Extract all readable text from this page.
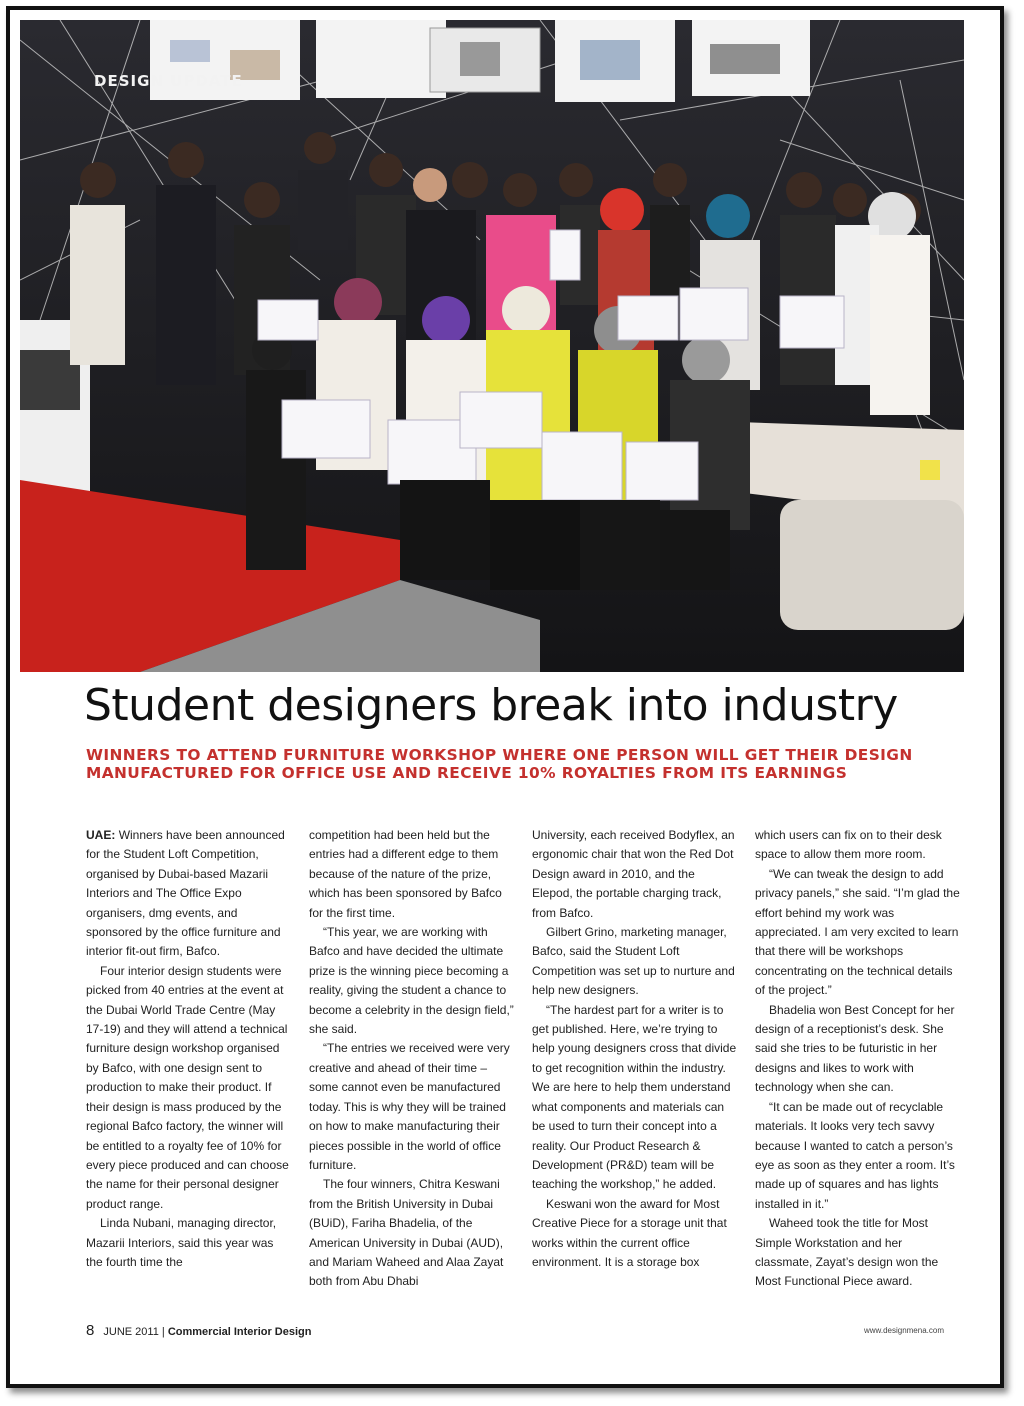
DESIGN UPDATE
Student designers break into industry
WINNERS TO ATTEND FURNITURE WORKSHOP WHERE ONE PERSON WILL GET THEIR DESIGN MANUFACTURED FOR OFFICE USE AND RECEIVE 10% ROYALTIES FROM ITS EARNINGS

UAE: Winners have been announced for the Student Loft Competition, organised by Dubai-based Mazarii Interiors and The Office Expo organisers, dmg events, and sponsored by the office furniture and interior fit-out firm, Bafco.

Four interior design students were picked from 40 entries at the event at the Dubai World Trade Centre (May 17-19) and they will attend a technical furniture design workshop organised by Bafco, with one design sent to production to make their product. If their design is mass produced by the regional Bafco factory, the winner will be entitled to a royalty fee of 10% for every piece produced and can choose the name for their personal designer product range.

Linda Nubani, managing director, Mazarii Interiors, said this year was the fourth time the

competition had been held but the entries had a different edge to them because of the nature of the prize, which has been sponsored by Bafco for the first time.

“This year, we are working with Bafco and have decided the ultimate prize is the winning piece becoming a reality, giving the student a chance to become a celebrity in the design field,” she said.

“The entries we received were very creative and ahead of their time – some cannot even be manufactured today. This is why they will be trained on how to make manufacturing their pieces possible in the world of office furniture.

The four winners, Chitra Keswani from the British University in Dubai (BUiD), Fariha Bhadelia, of the American University in Dubai (AUD), and Mariam Waheed and Alaa Zayat both from Abu Dhabi

University, each received Bodyflex, an ergonomic chair that won the Red Dot Design award in 2010, and the Elepod, the portable charging track, from Bafco.

Gilbert Grino, marketing manager, Bafco, said the Student Loft Competition was set up to nurture and help new designers.

“The hardest part for a writer is to get published. Here, we’re trying to help young designers cross that divide to get recognition within the industry. We are here to help them understand what components and materials can be used to turn their concept into a reality. Our Product Research & Development (PR&D) team will be teaching the workshop,” he added.

Keswani won the award for Most Creative Piece for a storage unit that works within the current office environment. It is a storage box

which users can fix on to their desk space to allow them more room.

“We can tweak the design to add privacy panels,” she said. “I’m glad the effort behind my work was appreciated. I am very excited to learn that there will be workshops concentrating on the technical details of the project.”

Bhadelia won Best Concept for her design of a receptionist’s desk. She said she tries to be futuristic in her designs and likes to work with technology when she can.

“It can be made out of recyclable materials. It looks very tech savvy because I wanted to catch a person’s eye as soon as they enter a room. It’s made up of squares and has lights installed in it.”

Waheed took the title for Most Simple Workstation and her classmate, Zayat’s design won the Most Functional Piece award.

8 JUNE 2011 | Commercial Interior Design	www.designmena.com
